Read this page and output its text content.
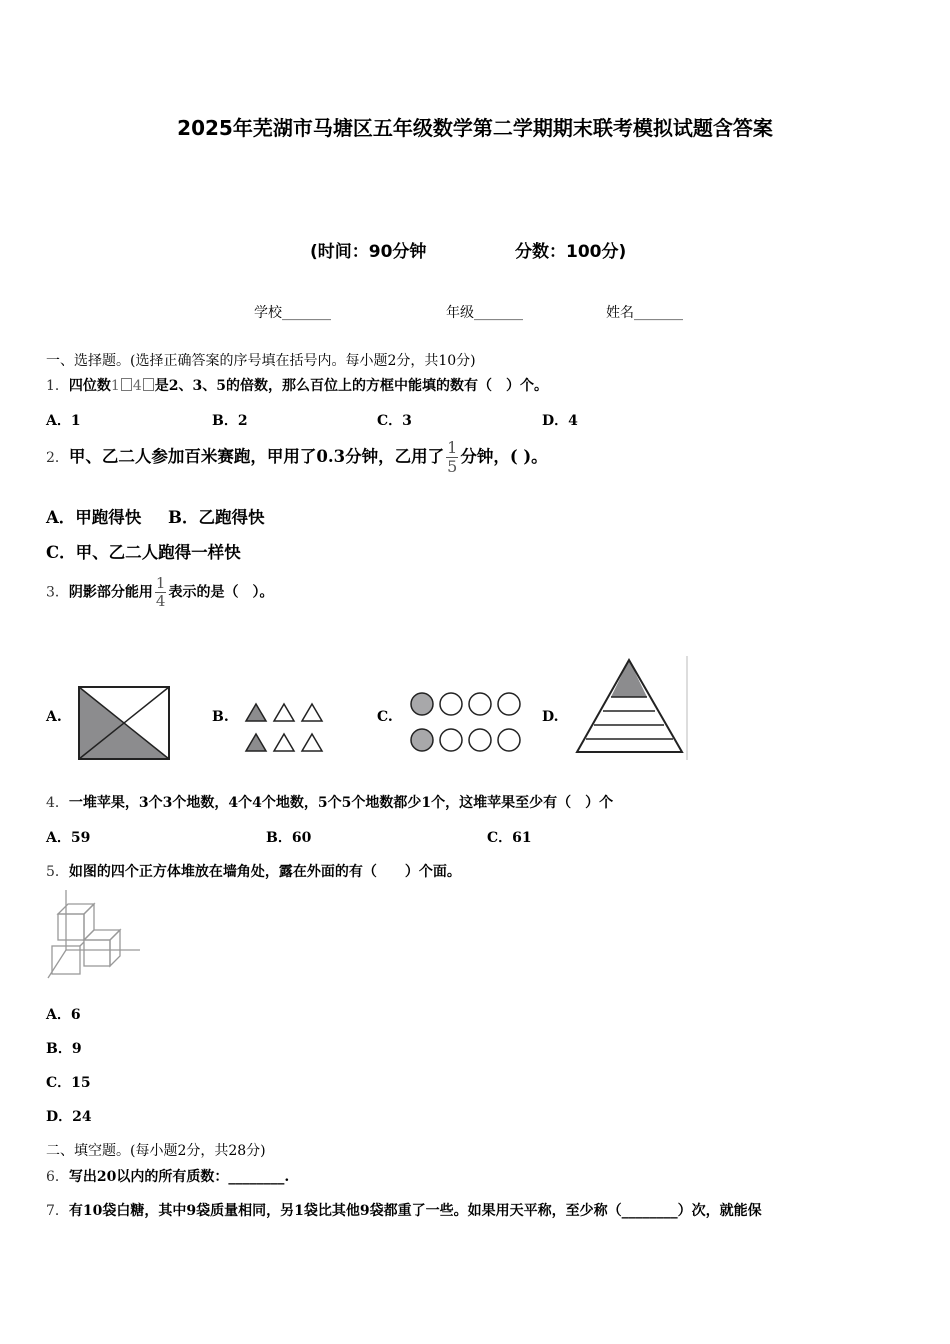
2025年芜湖市马塘区五年级数学第二学期期末联考模拟试题含答案
(时间：90分钟	分数：100分)
学校_______	年级_______	姓名_______
一、选择题。(选择正确答案的序号填在括号内。每小题2分，共10分)
1．四位数1 4 是2、3、5的倍数，那么百位上的方框中能填的数有（　）个。
A．1	B．2	C．3	D．4
2．甲、乙二人参加百米赛跑，甲用了0.3分钟，乙用了 $\frac{1}{5}$ 分钟，( )。
A．甲跑得快 B．乙跑得快
C．甲、乙二人跑得一样快
3．阴影部分能用 $\frac{1}{4}$ 表示的是（　）。
A.	B.	C.	D.
4．一堆苹果，3个3个地数，4个4个地数，5个5个地数都少1个，这堆苹果至少有（　）个
A．59	B．60	C．61
5．如图的四个正方体堆放在墙角处，露在外面的有（　　）个面。
A．6
B．9
C．15
D．24
二、填空题。(每小题2分，共28分)
6．写出20以内的所有质数：________.
7．有10袋白糖，其中9袋质量相同，另1袋比其他9袋都重了一些。如果用天平称，至少称（________）次，就能保
